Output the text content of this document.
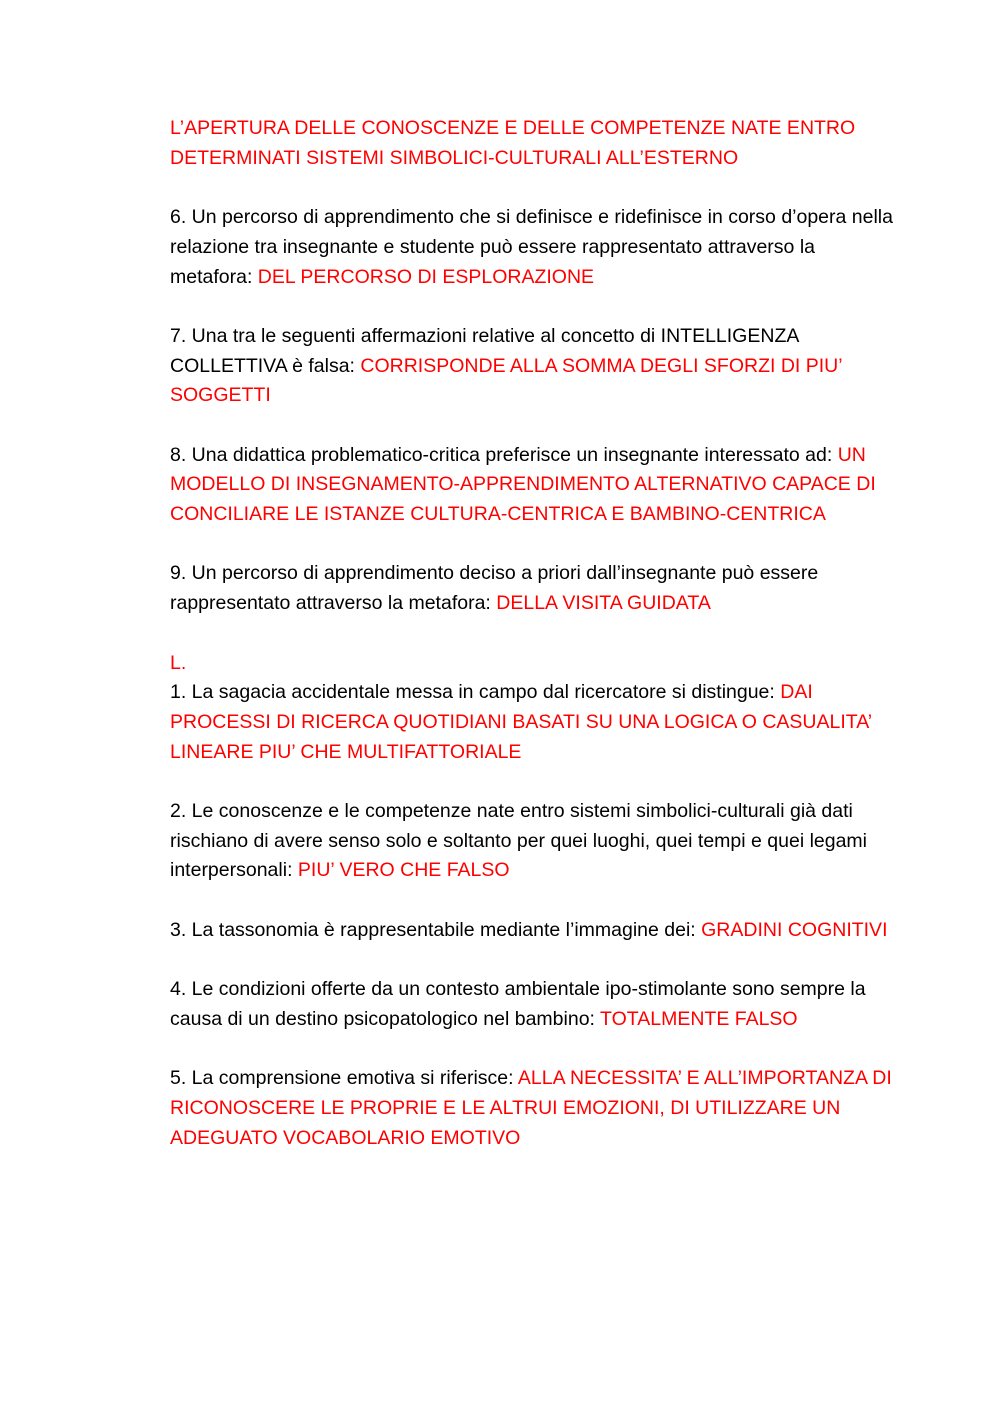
L’APERTURA DELLE CONOSCENZE E DELLE COMPETENZE NATE ENTRO DETERMINATI SISTEMI SIMBOLICI-CULTURALI ALL’ESTERNO

6. Un percorso di apprendimento che si definisce e ridefinisce in corso d’opera nella relazione tra insegnante e studente può essere rappresentato attraverso la metafora: DEL PERCORSO DI ESPLORAZIONE

7. Una tra le seguenti affermazioni relative al concetto di INTELLIGENZA COLLETTIVA è falsa: CORRISPONDE ALLA SOMMA DEGLI SFORZI DI PIU’ SOGGETTI

8. Una didattica problematico-critica preferisce un insegnante interessato ad: UN MODELLO DI INSEGNAMENTO-APPRENDIMENTO ALTERNATIVO CAPACE DI CONCILIARE LE ISTANZE CULTURA-CENTRICA E BAMBINO-CENTRICA

9. Un percorso di apprendimento deciso a priori dall’insegnante può essere rappresentato attraverso la metafora: DELLA VISITA GUIDATA

L.

1. La sagacia accidentale messa in campo dal ricercatore si distingue: DAI PROCESSI DI RICERCA QUOTIDIANI BASATI SU UNA LOGICA O CASUALITA’ LINEARE PIU’ CHE MULTIFATTORIALE

2. Le conoscenze e le competenze nate entro sistemi simbolici-culturali già dati rischiano di avere senso solo e soltanto per quei luoghi, quei tempi e quei legami interpersonali: PIU’ VERO CHE FALSO

3. La tassonomia è rappresentabile mediante l’immagine dei: GRADINI COGNITIVI

4. Le condizioni offerte da un contesto ambientale ipo-stimolante sono sempre la causa di un destino psicopatologico nel bambino: TOTALMENTE FALSO

5. La comprensione emotiva si riferisce: ALLA NECESSITA’ E ALL’IMPORTANZA DI RICONOSCERE LE PROPRIE E LE ALTRUI EMOZIONI, DI UTILIZZARE UN ADEGUATO VOCABOLARIO EMOTIVO
